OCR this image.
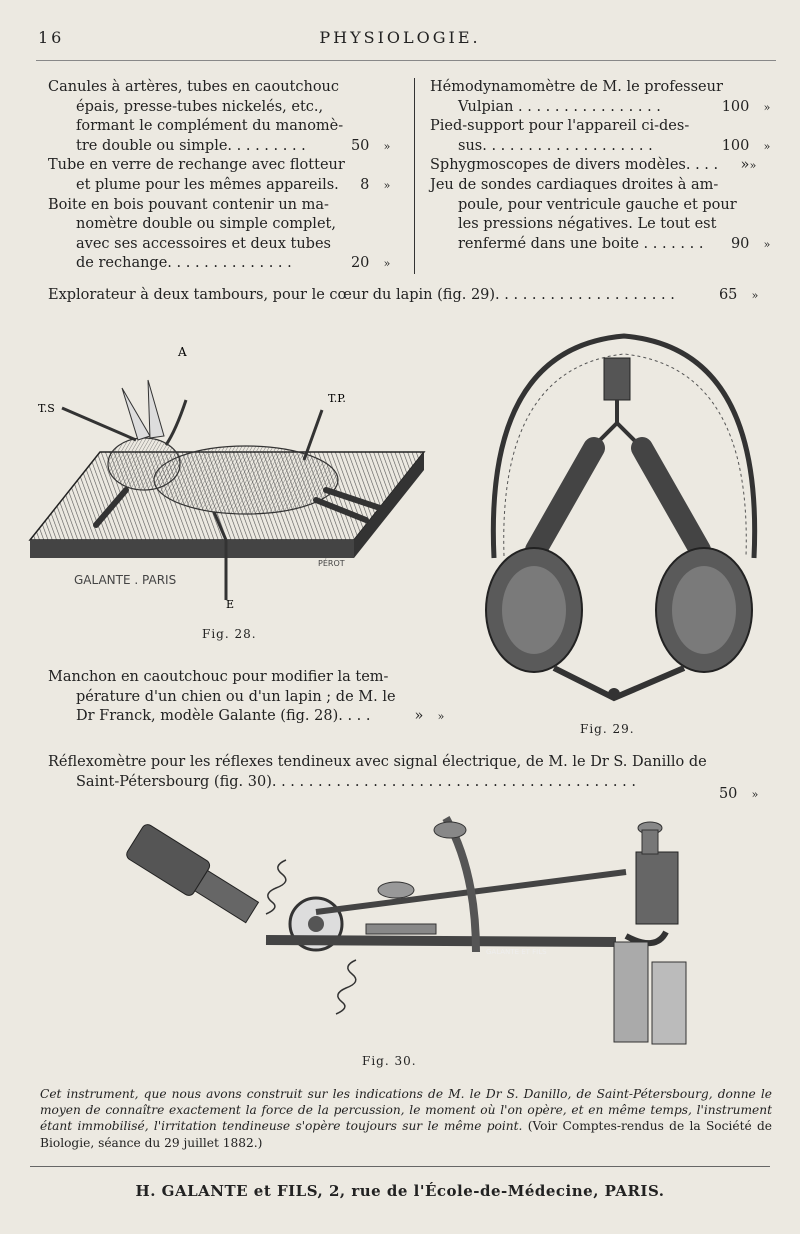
16	PHYSIOLOGIE.
Canules à artères, tubes en caoutchouc
épais, presse-tubes nickelés, etc.,
formant le complément du manomè-
tre double ou simple. . . . . . . . .	50 »
Tube en verre de rechange avec flotteur
et plume pour les mêmes appareils.	8 »
Boite en bois pouvant contenir un ma-
nomètre double ou simple complet,
avec ses accessoires et deux tubes
de rechange. . . . . . . . . . . . . .	20 »
Hémodynamomètre de M. le professeur
Vulpian . . . . . . . . . . . . . . . .	100 »
Pied-support pour l'appareil ci-des-
sus. . . . . . . . . . . . . . . . . . .	100 »
Sphygmoscopes de divers modèles. . . .	» »
Jeu de sondes cardiaques droites à am-
poule, pour ventricule gauche et pour
les pressions négatives. Le tout est
renfermé dans une boite . . . . . . .	90 »
Explorateur à deux tambours, pour le cœur du lapin (fig. 29). . . . . . . . . . . . . . . . . . . .	65 »
A
T.S
T.P.
E
GALANTE . PARIS
PÉROT
Fig. 28.
Fig. 29.
Manchon en caoutchouc pour modifier la tem-
pérature d'un chien ou d'un lapin ; de M. le
Dr Franck, modèle Galante (fig. 28). . . .	» »
Réflexomètre pour les réflexes tendineux avec signal électrique, de M. le Dr S. Danillo de
Saint-Pétersbourg (fig. 30). . . . . . . . . . . . . . . . . . . . . . . . . . . . . . . . . . . . . . . .
50 »
GALANTE ET FILS
Fig. 30.
Cet instrument, que nous avons construit sur les indications de M. le Dr S. Danillo, de Saint-Pétersbourg, donne le moyen de connaître exactement la force de la percussion, le moment où l'on opère, et en même temps, l'instrument étant immobilisé, l'irritation tendineuse s'opère toujours sur le même point. (Voir Comptes-rendus de la Société de Biologie, séance du 29 juillet 1882.)
H. GALANTE et FILS, 2, rue de l'École-de-Médecine, PARIS.
